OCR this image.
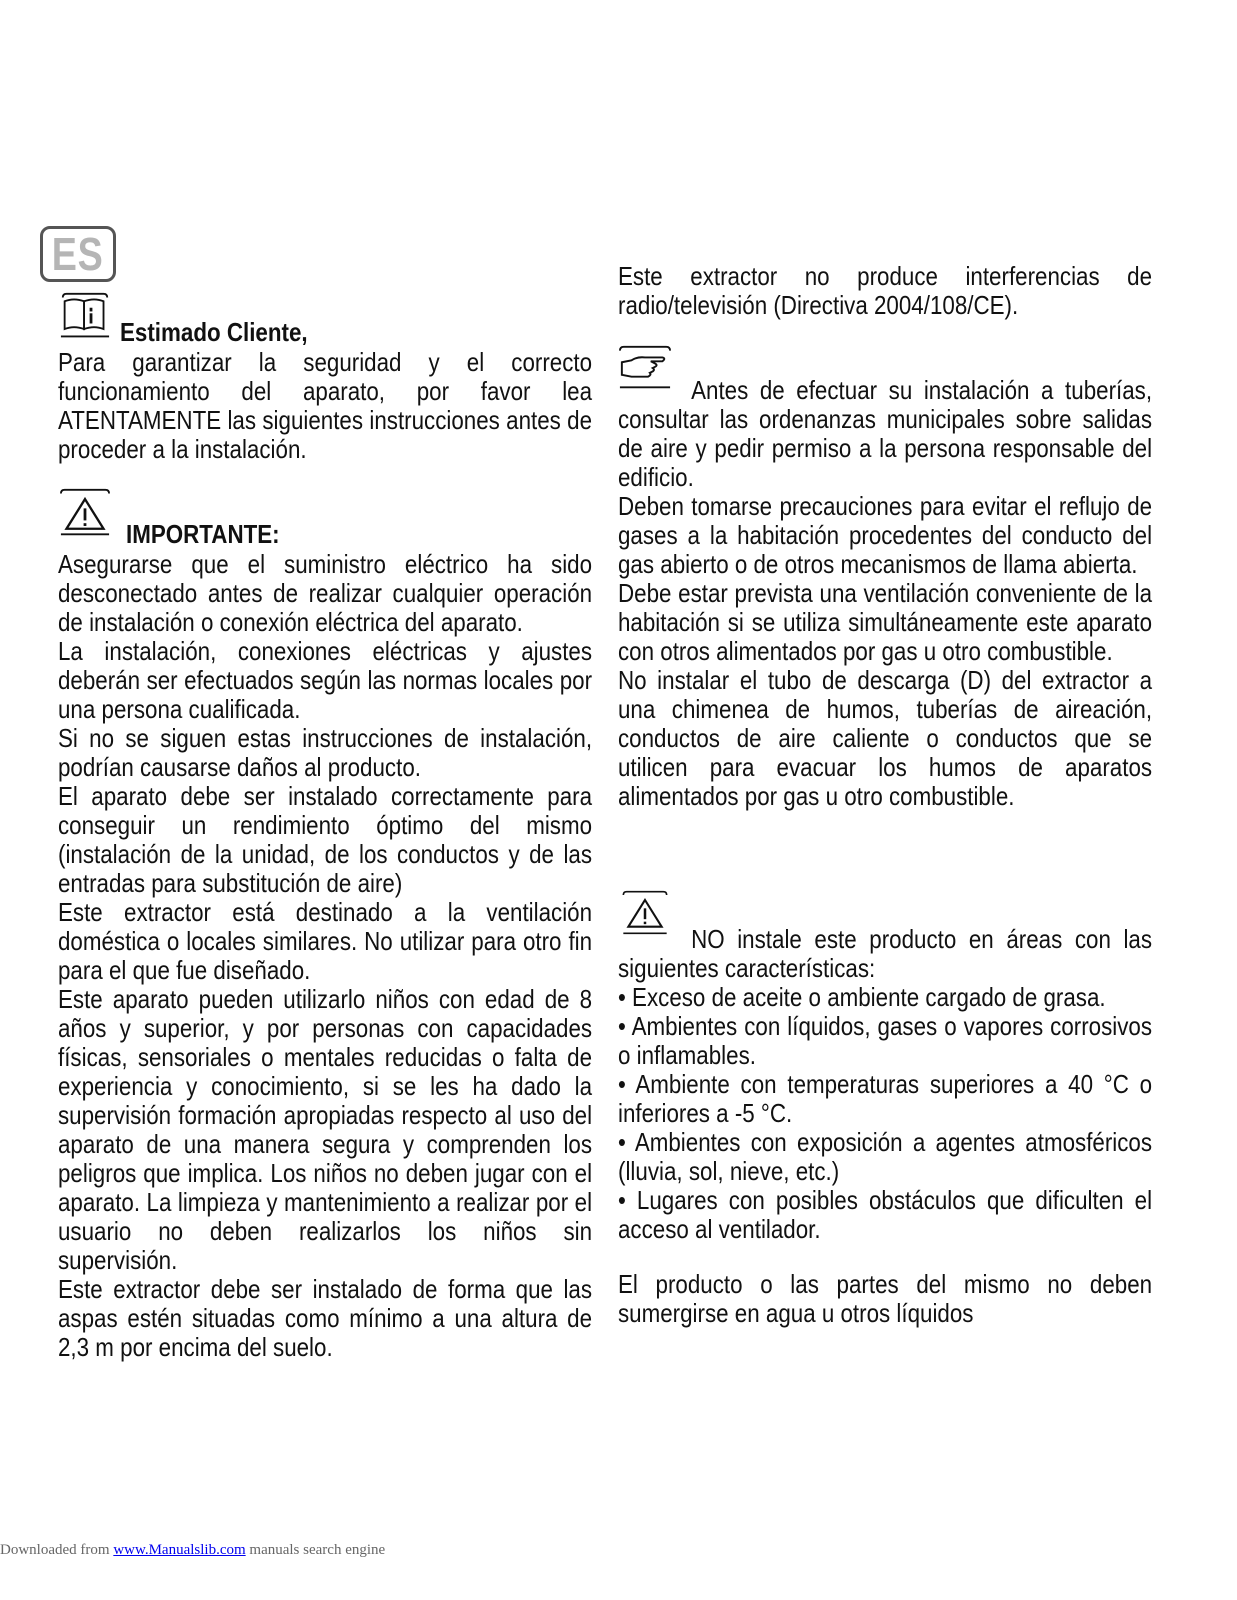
ES

Estimado Cliente,

Para garantizar la seguridad y el correcto funcionamiento del aparato, por favor lea ATENTAMENTE las siguientes instrucciones antes de proceder a la instalación.

IMPORTANTE:

Asegurarse que el suministro eléctrico ha sido desconectado antes de realizar cualquier operación de instalación o conexión eléctrica del aparato.

La instalación, conexiones eléctricas y ajustes deberán ser efectuados según las normas locales por una persona cualificada.

Si no se siguen estas instrucciones de instalación, podrían causarse daños al producto.

El aparato debe ser instalado correctamente para conseguir un rendimiento óptimo del mismo (instalación de la unidad, de los conductos y de las entradas para substitución de aire)

Este extractor está destinado a la ventilación doméstica o locales similares. No utilizar para otro fin para el que fue diseñado.

Este aparato pueden utilizarlo niños con edad de 8 años y superior, y por personas con capacidades físicas, sensoriales o mentales reducidas o falta de experiencia y conocimiento, si se les ha dado la supervisión formación apropiadas respecto al uso del aparato de una manera segura y comprenden los peligros que implica. Los niños no deben jugar con el aparato. La limpieza y mantenimiento a realizar por el usuario no deben realizarlos los niños sin supervisión.

Este extractor debe ser instalado de forma que las aspas estén situadas como mínimo a una altura de 2,3 m por encima del suelo.

Este extractor no produce interferencias de radio/televisión (Directiva 2004/108/CE).

Antes de efectuar su instalación a tuberías, consultar las ordenanzas municipales sobre salidas de aire y pedir permiso a la persona responsable del edificio.

Deben tomarse precauciones para evitar el reflujo de gases a la habitación procedentes del conducto del gas abierto o de otros mecanismos de llama abierta.

Debe estar prevista una ventilación conveniente de la habitación si se utiliza simultáneamente este aparato con otros alimentados por gas u otro combustible.

No instalar el tubo de descarga (D) del extractor a una chimenea de humos, tuberías de aireación, conductos de aire caliente o conductos que se utilicen para evacuar los humos de aparatos alimentados por gas u otro combustible.

NO instale este producto en áreas con las siguientes características:

• Exceso de aceite o ambiente cargado de grasa.

• Ambientes con líquidos, gases o vapores corrosivos o inflamables.

• Ambiente con temperaturas superiores a 40 °C o inferiores a -5 °C.

• Ambientes con exposición a agentes atmosféricos (lluvia, sol, nieve, etc.)

• Lugares con posibles obstáculos que dificulten el acceso al ventilador.

El producto o las partes del mismo no deben sumergirse en agua u otros líquidos

Downloaded from www.Manualslib.com manuals search engine
